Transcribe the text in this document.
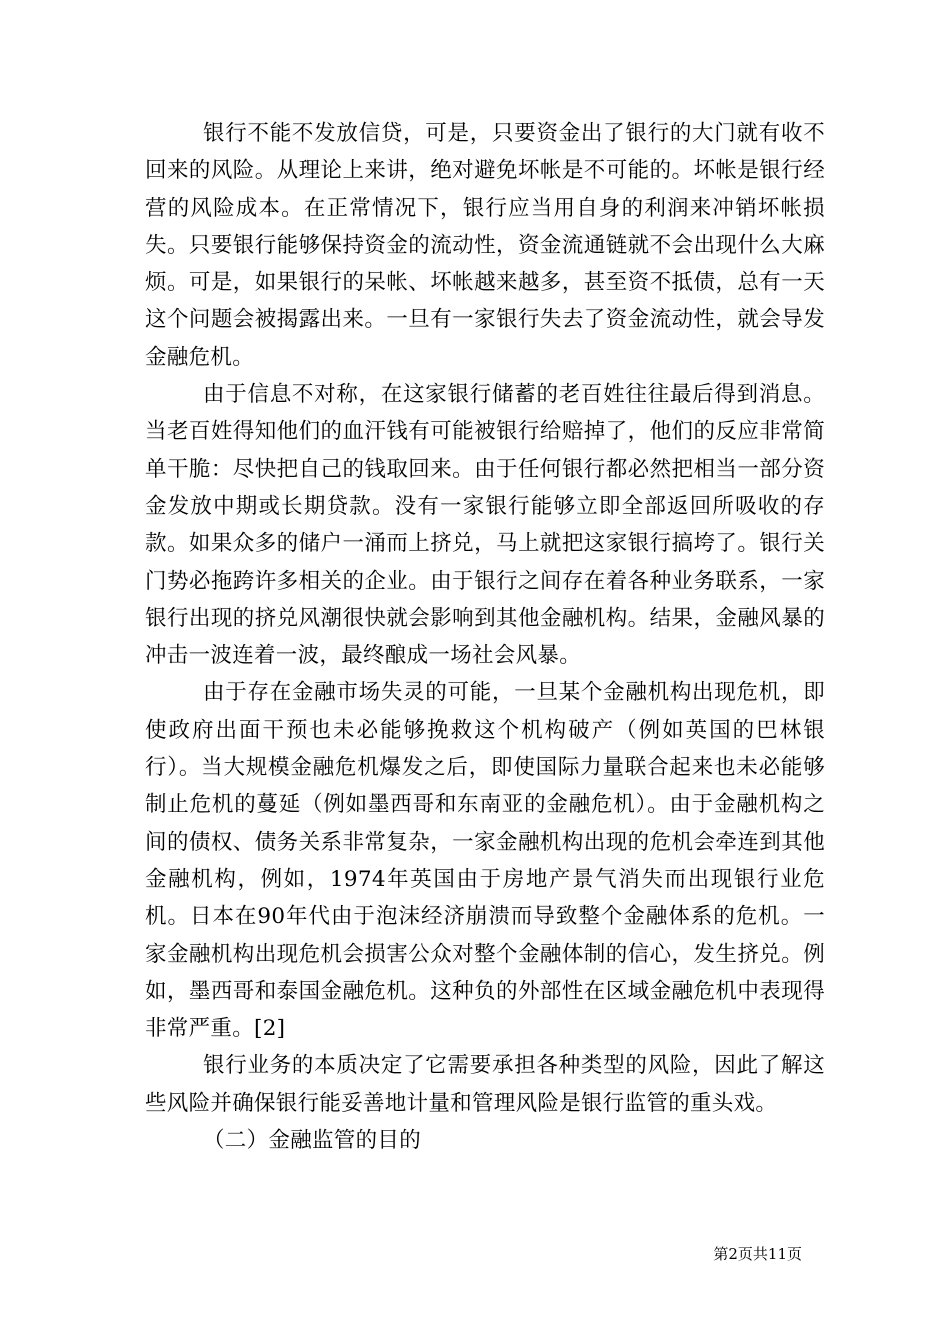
银行不能不发放信贷，可是，只要资金出了银行的大门就有收不回来的风险。从理论上来讲，绝对避免坏帐是不可能的。坏帐是银行经营的风险成本。在正常情况下，银行应当用自身的利润来冲销坏帐损失。只要银行能够保持资金的流动性，资金流通链就不会出现什么大麻烦。可是，如果银行的呆帐、坏帐越来越多，甚至资不抵债，总有一天这个问题会被揭露出来。一旦有一家银行失去了资金流动性，就会导发金融危机。

由于信息不对称，在这家银行储蓄的老百姓往往最后得到消息。当老百姓得知他们的血汗钱有可能被银行给赔掉了，他们的反应非常简单干脆：尽快把自己的钱取回来。由于任何银行都必然把相当一部分资金发放中期或长期贷款。没有一家银行能够立即全部返回所吸收的存款。如果众多的储户一涌而上挤兑，马上就把这家银行搞垮了。银行关门势必拖跨许多相关的企业。由于银行之间存在着各种业务联系，一家银行出现的挤兑风潮很快就会影响到其他金融机构。结果，金融风暴的冲击一波连着一波，最终酿成一场社会风暴。

由于存在金融市场失灵的可能，一旦某个金融机构出现危机，即使政府出面干预也未必能够挽救这个机构破产（例如英国的巴林银行）。当大规模金融危机爆发之后，即使国际力量联合起来也未必能够制止危机的蔓延（例如墨西哥和东南亚的金融危机）。由于金融机构之间的债权、债务关系非常复杂，一家金融机构出现的危机会牵连到其他金融机构，例如，1974年英国由于房地产景气消失而出现银行业危机。日本在90年代由于泡沫经济崩溃而导致整个金融体系的危机。一家金融机构出现危机会损害公众对整个金融体制的信心，发生挤兑。例如，墨西哥和泰国金融危机。这种负的外部性在区域金融危机中表现得非常严重。[2]

银行业务的本质决定了它需要承担各种类型的风险，因此了解这些风险并确保银行能妥善地计量和管理风险是银行监管的重头戏。

（二）金融监管的目的

第2页共11页
